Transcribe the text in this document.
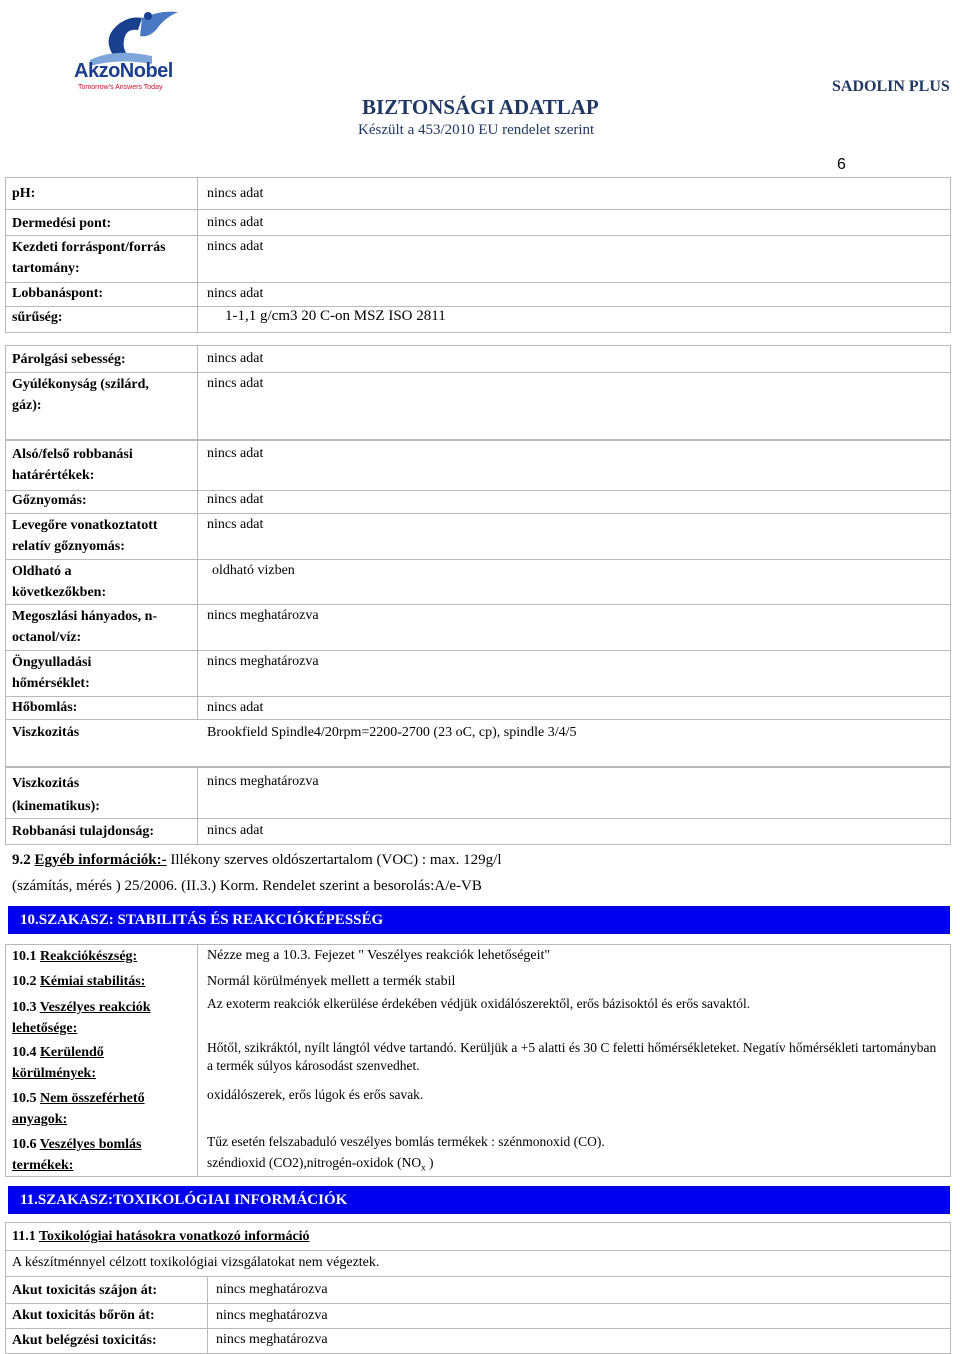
AkzoNobel
Tomorrow's Answers Today
BIZTONSÁGI ADATLAP
Készült a 453/2010 EU rendelet szerint
SADOLIN PLUS
6
pH:	nincs adat
Dermedési pont:	nincs adat
Kezdeti forráspont/forrás tartomány:
nincs adat
Lobbanáspont:	nincs adat
sűrűség:	1-1,1 g/cm3 20 C-on MSZ ISO 2811
Párolgási sebesség:	nincs adat
Gyúlékonyság (szilárd, gáz):
nincs adat
Alsó/felső robbanási határértékek:
nincs adat
Gőznyomás:	nincs adat
Levegőre vonatkoztatott relatív gőznyomás:
nincs adat
Oldható a következőkben:
oldható vizben
Megoszlási hányados, n-octanol/víz:
nincs meghatározva
Öngyulladási hőmérséklet:
nincs meghatározva
Hőbomlás:	nincs adat
Viszkozitás	Brookfield Spindle4/20rpm=2200-2700 (23 oC, cp), spindle 3/4/5
Viszkozitás (kinematikus):
nincs meghatározva
Robbanási tulajdonság:	nincs adat
9.2 Egyéb információk:- Illékony szerves oldószertartalom (VOC) : max. 129g/l
(számítás, mérés ) 25/2006. (II.3.) Korm. Rendelet szerint a besorolás:A/e-VB
10.SZAKASZ: STABILITÁS ÉS REAKCIÓKÉPESSÉG
10.1 Reakciókészség:	Nézze meg a 10.3. Fejezet " Veszélyes reakciók lehetőségeit"
10.2 Kémiai stabilitás:	Normál körülmények mellett a termék stabil
10.3 Veszélyes reakciók lehetősége:
Az exoterm reakciók elkerülése érdekében védjük oxidálószerektől, erős bázisoktól és erős savaktól.
10.4 Kerülendő körülmények:
Hőtől, szikráktól, nyílt lángtól védve tartandó. Kerüljük a +5 alatti és 30 C feletti hőmérsékleteket. Negatív hőmérsékleti tartományban a termék súlyos károsodást szenvedhet.
10.5 Nem összeférhető anyagok:
oxidálószerek, erős lúgok és erős savak.
10.6 Veszélyes bomlás termékek:
Tűz esetén felszabaduló veszélyes bomlás termékek : szénmonoxid (CO).
széndioxid (CO2),nitrogén-oxidok ($NO_x$ )
11.SZAKASZ:TOXIKOLÓGIAI INFORMÁCIÓK
11.1 Toxikológiai hatásokra vonatkozó információ
A készítménnyel célzott toxikológiai vizsgálatokat nem végeztek.
Akut toxicitás szájon át:	nincs meghatározva
Akut toxicitás bőrön át:	nincs meghatározva
Akut belégzési toxicitás:	nincs meghatározva
